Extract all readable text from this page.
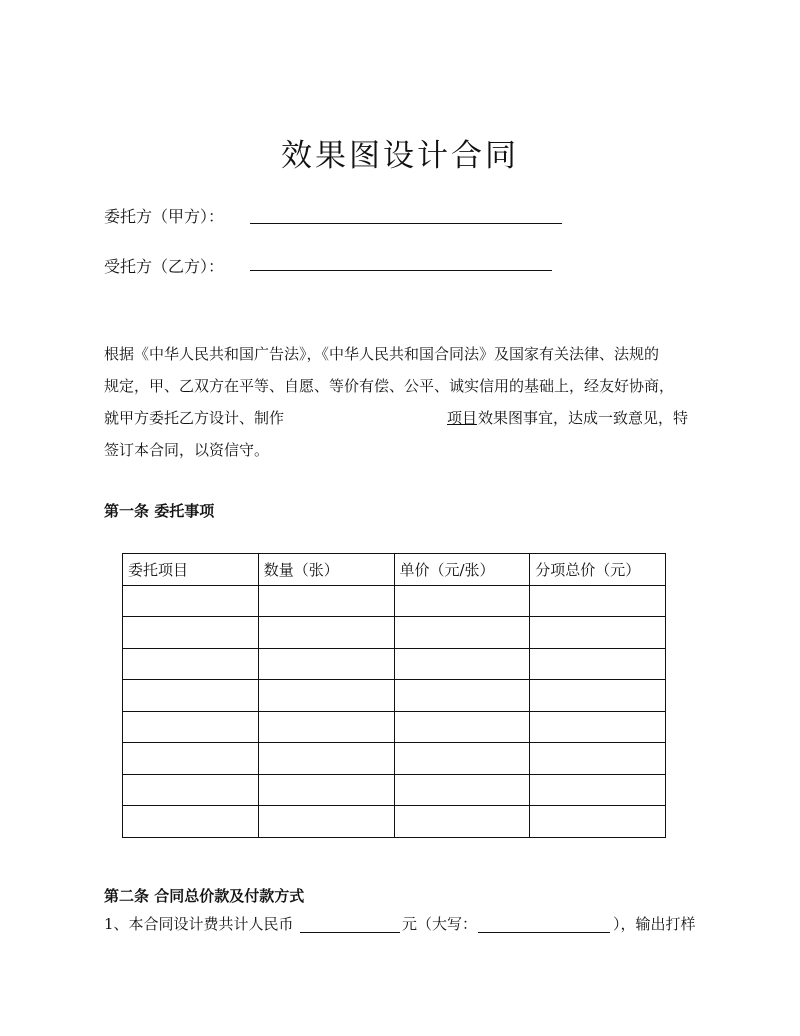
效果图设计合同
委托方（甲方）：
受托方（乙方）：
根据《中华人民共和国广告法》，《中华人民共和国合同法》及国家有关法律、法规的
规定，甲、乙双方在平等、自愿、等价有偿、公平、诚实信用的基础上，经友好协商，
就甲方委托乙方设计、制作	项目 效果图事宜，达成一致意见，特
签订本合同，以资信守。
第一条 委托事项
委托项目	数量（张）	单价（元/张）	分项总价（元）

第二条 合同总价款及付款方式
1、本合同设计费共计人民币	元（大写：	），输出打样
